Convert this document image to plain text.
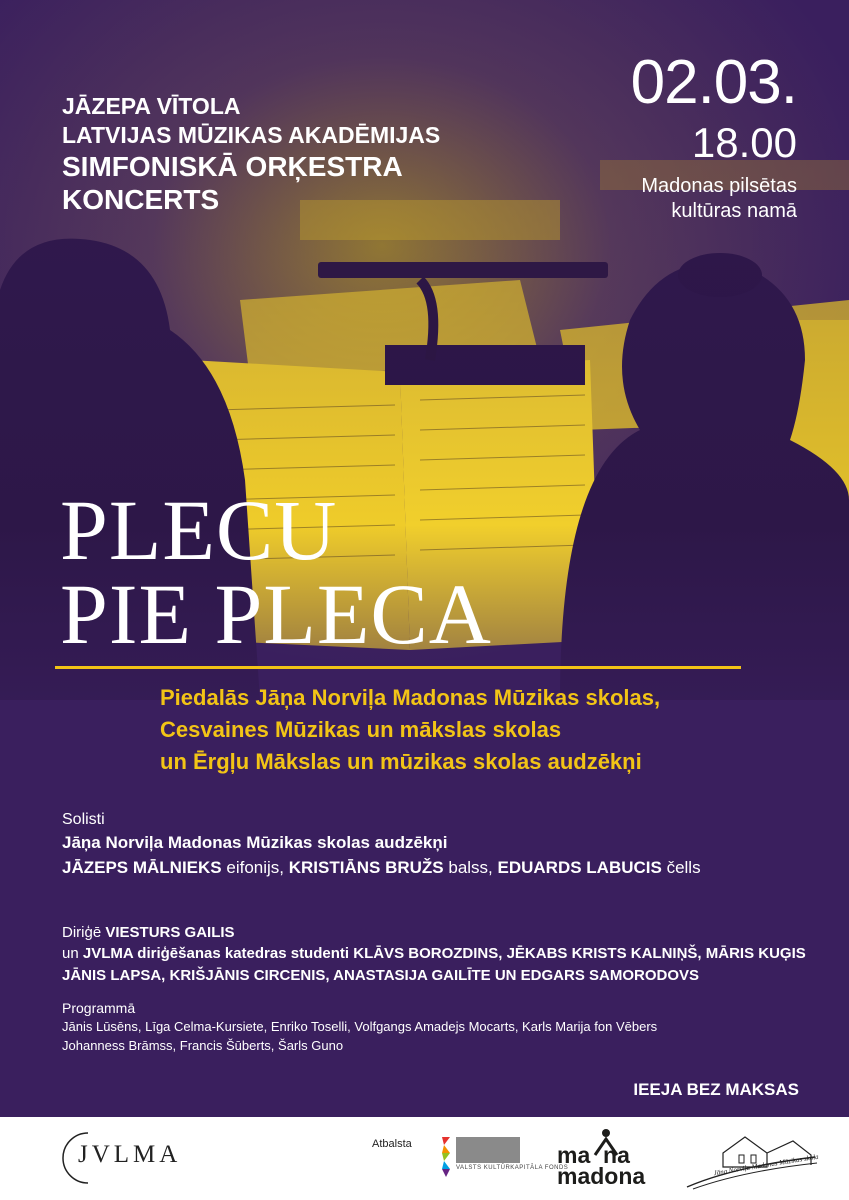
JĀZEPA VĪTOLA
LATVIJAS MŪZIKAS AKADĒMIJAS
SIMFONISKĀ ORĶESTRA
KONCERTS
02.03.
18.00
Madonas pilsētas
kultūras namā
PLECU
PIE PLECA
Piedalās Jāņa Norviļa Madonas Mūzikas skolas,
Cesvaines Mūzikas un mākslas skolas
un Ērgļu Mākslas un mūzikas skolas audzēkņi
Solisti
Jāņa Norviļa Madonas Mūzikas skolas audzēkņi
JĀZEPS MĀLNIEKS eifonijs, KRISTIĀNS BRUŽS balss, EDUARDS LABUCIS čells
Diriģē VIESTURS GAILIS
un JVLMA diriģēšanas katedras studenti KLĀVS BOROZDINS, JĒKABS KRISTS KALNIŅŠ, MĀRIS KUĢIS
JĀNIS LAPSA, KRIŠJĀNIS CIRCENIS, ANASTASIJA GAILĪTE UN EDGARS SAMORODOVS
Programmā
Jānis Lūsēns, Līga Celma-Kursiete, Enriko Toselli, Volfgangs Amadejs Mocarts, Karls Marija fon Vēbers
Johanness Brāmss, Francis Šūberts, Šarls Guno
IEEJA BEZ MAKSAS
JVLMA	Atbalsta
VALSTS KULTŪRKAPITĀLA FONDS
ma  na
madona	Jāņa Norviļa Madonas Mūzikas skola
